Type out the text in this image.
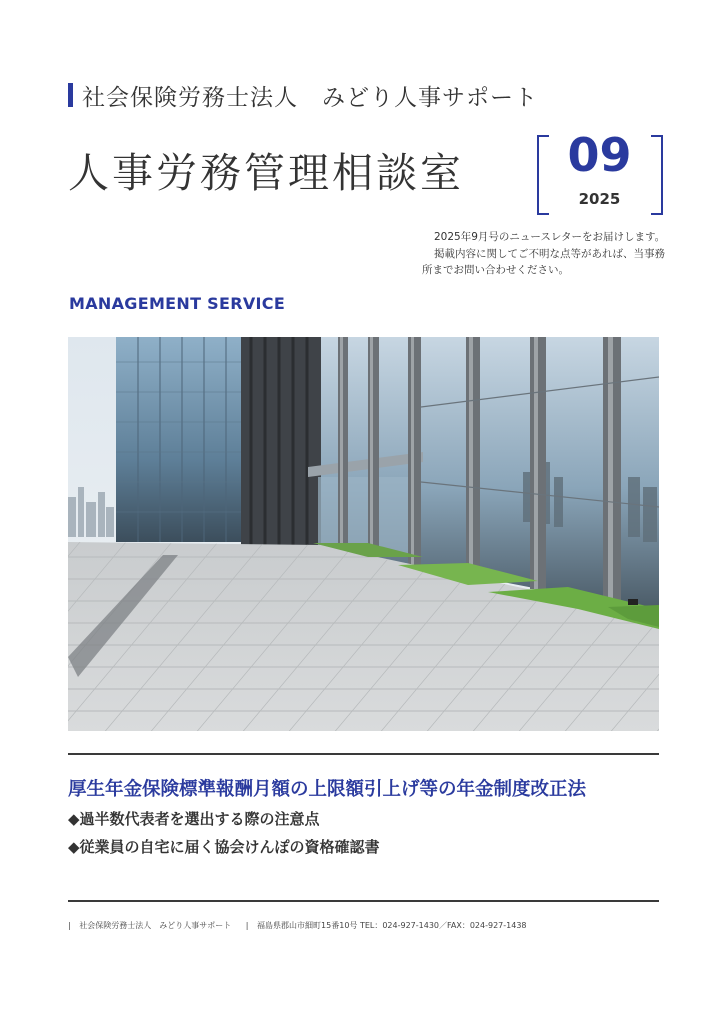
社会保険労務士法人　みどり人事サポート
人事労務管理相談室	09
2025
2025年9月号のニュースレターをお届けします。
掲載内容に関してご不明な点等があれば、当事務
所までお問い合わせください。
MANAGEMENT SERVICE
厚生年金保険標準報酬月額の上限額引上げ等の年金制度改正法
◆過半数代表者を選出する際の注意点
◆従業員の自宅に届く協会けんぽの資格確認書
| 社会保険労務士法人　みどり人事サポート | 福島県郡山市細町15番10号 TEL：024-927-1430／FAX：024-927-1438
